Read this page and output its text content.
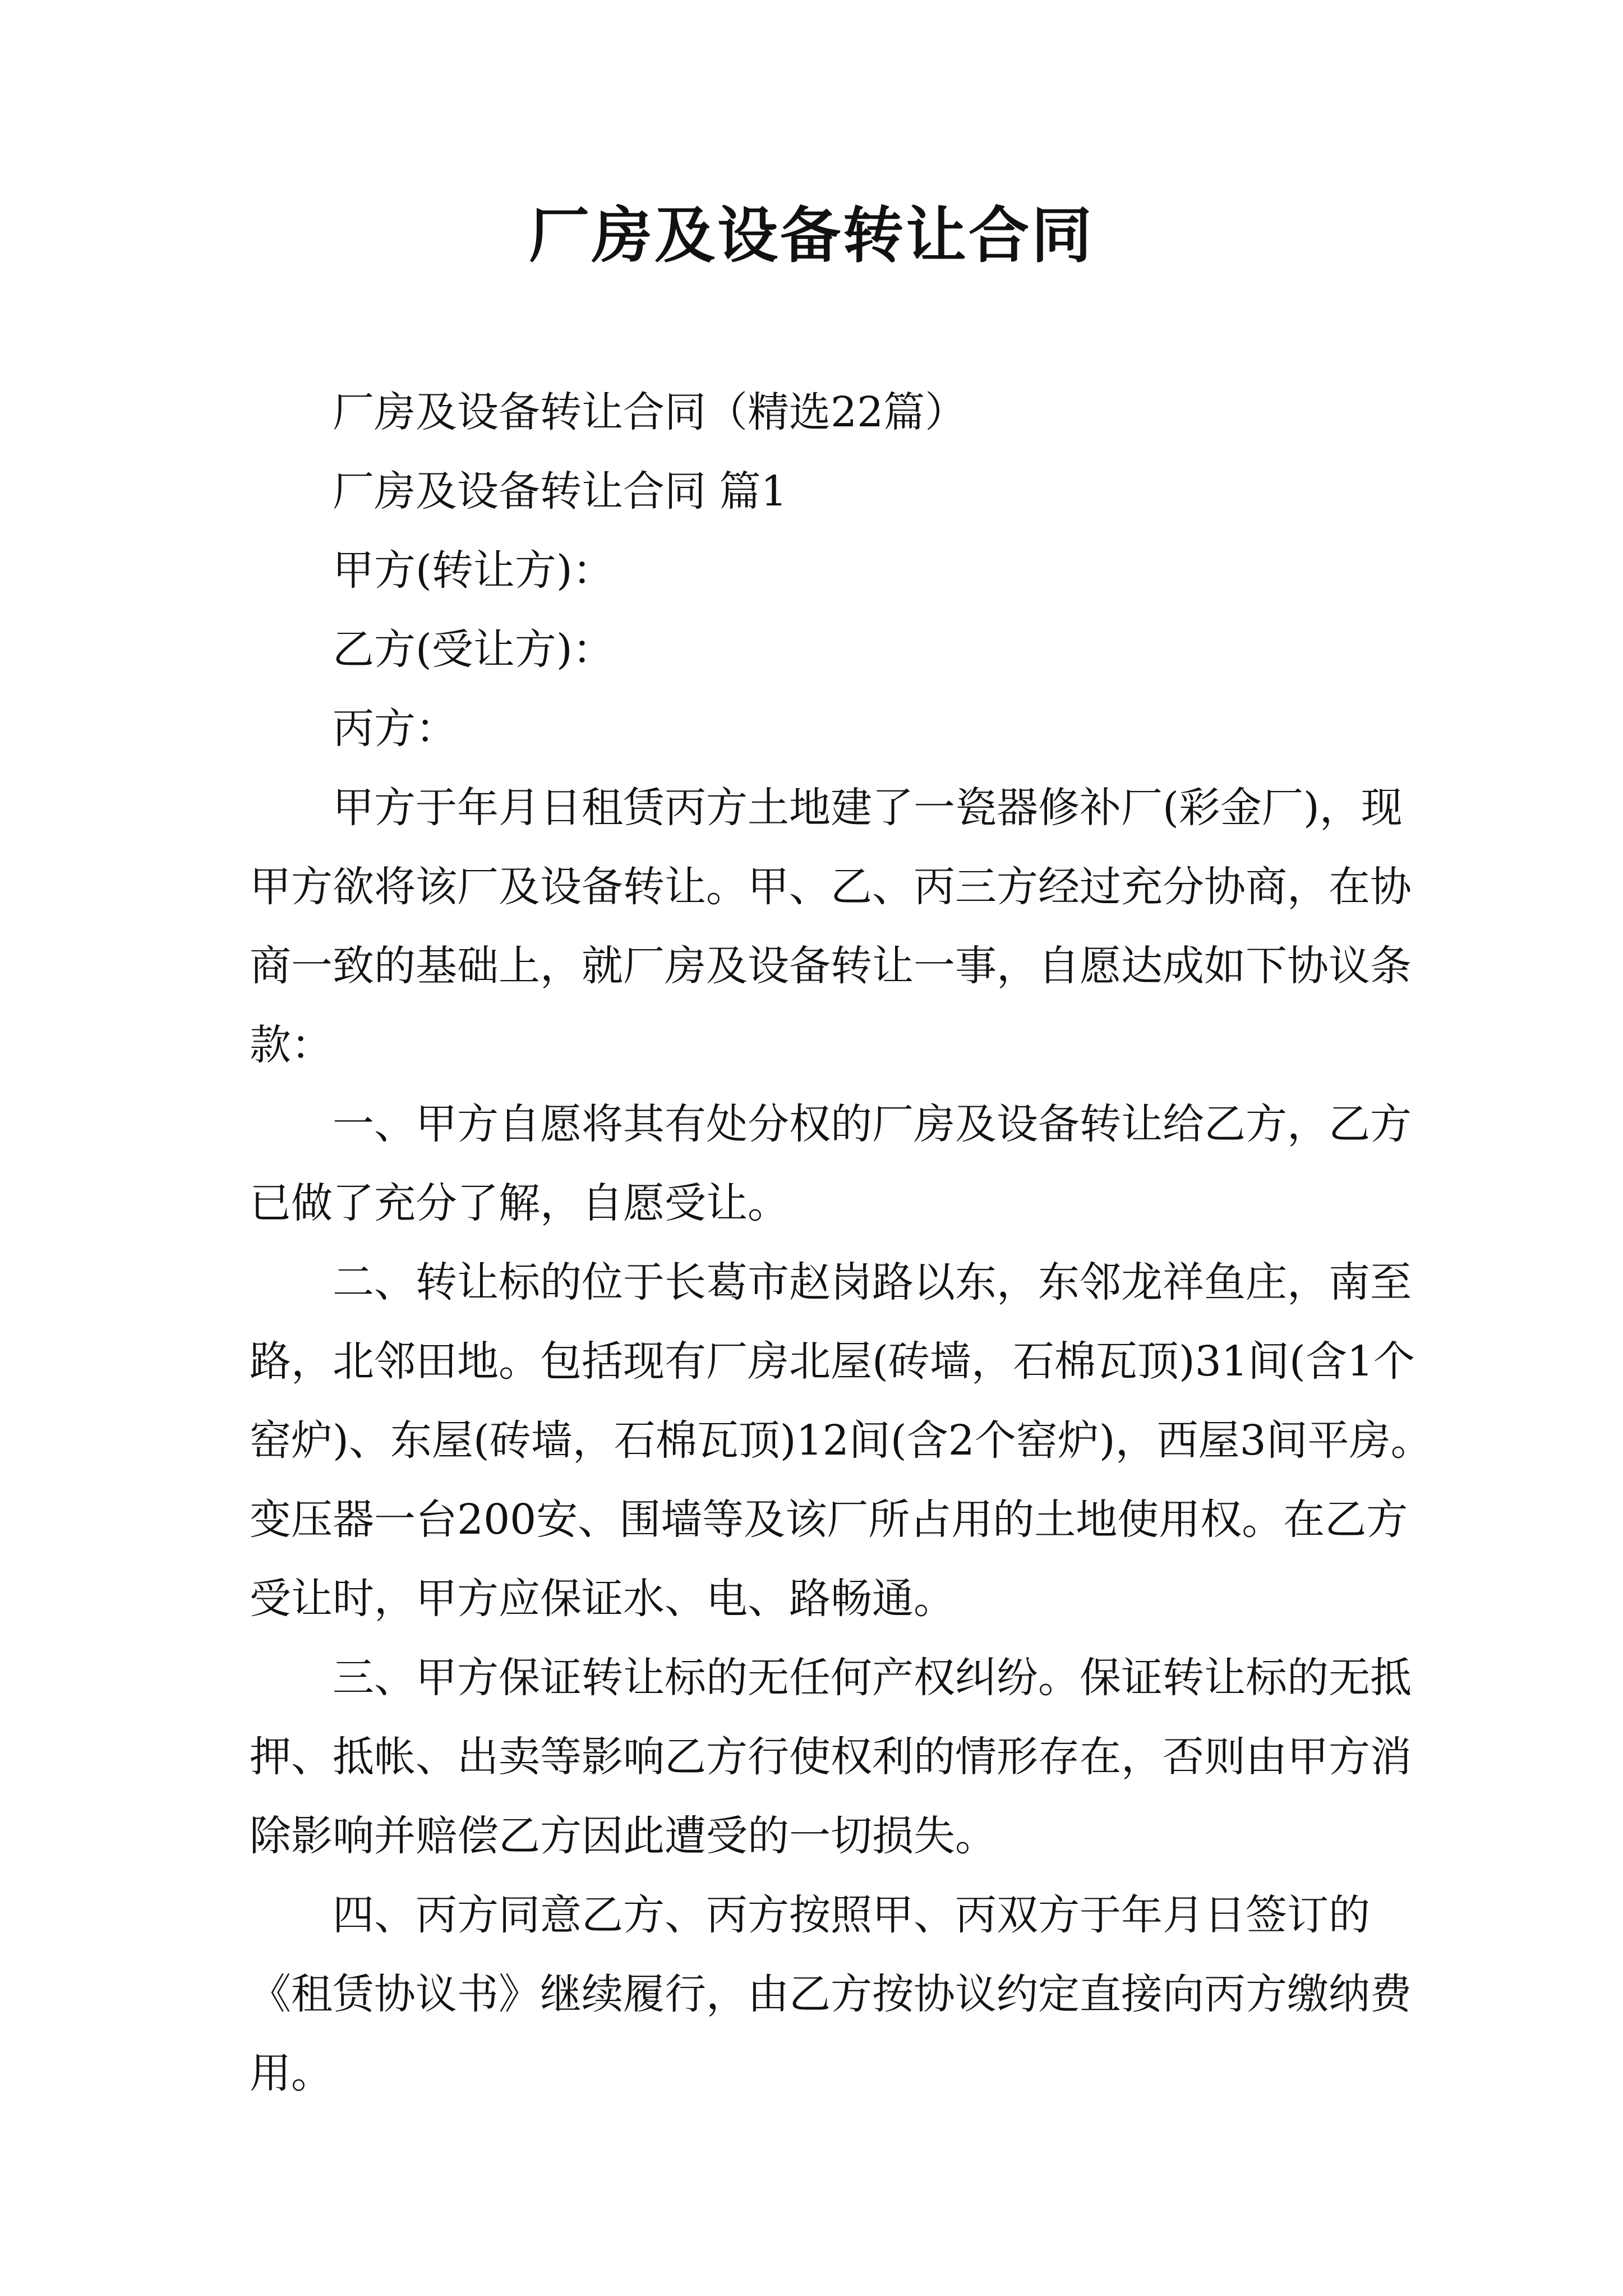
厂房及设备转让合同

厂房及设备转让合同（精选22篇）

厂房及设备转让合同 篇1

甲方(转让方)：

乙方(受让方)：

丙方：

甲方于年月日租赁丙方土地建了一瓷器修补厂(彩金厂)，现甲方欲将该厂及设备转让。甲、乙、丙三方经过充分协商，在协商一致的基础上，就厂房及设备转让一事，自愿达成如下协议条款：

一、甲方自愿将其有处分权的厂房及设备转让给乙方，乙方已做了充分了解，自愿受让。

二、转让标的位于长葛市赵岗路以东，东邻龙祥鱼庄，南至路，北邻田地。包括现有厂房北屋(砖墙，石棉瓦顶)31间(含1个窑炉)、东屋(砖墙，石棉瓦顶)12间(含2个窑炉)，西屋3间平房。变压器一台200安、围墙等及该厂所占用的土地使用权。在乙方受让时，甲方应保证水、电、路畅通。

三、甲方保证转让标的无任何产权纠纷。保证转让标的无抵押、抵帐、出卖等影响乙方行使权利的情形存在，否则由甲方消除影响并赔偿乙方因此遭受的一切损失。

四、丙方同意乙方、丙方按照甲、丙双方于年月日签订的《租赁协议书》继续履行，由乙方按协议约定直接向丙方缴纳费用。
